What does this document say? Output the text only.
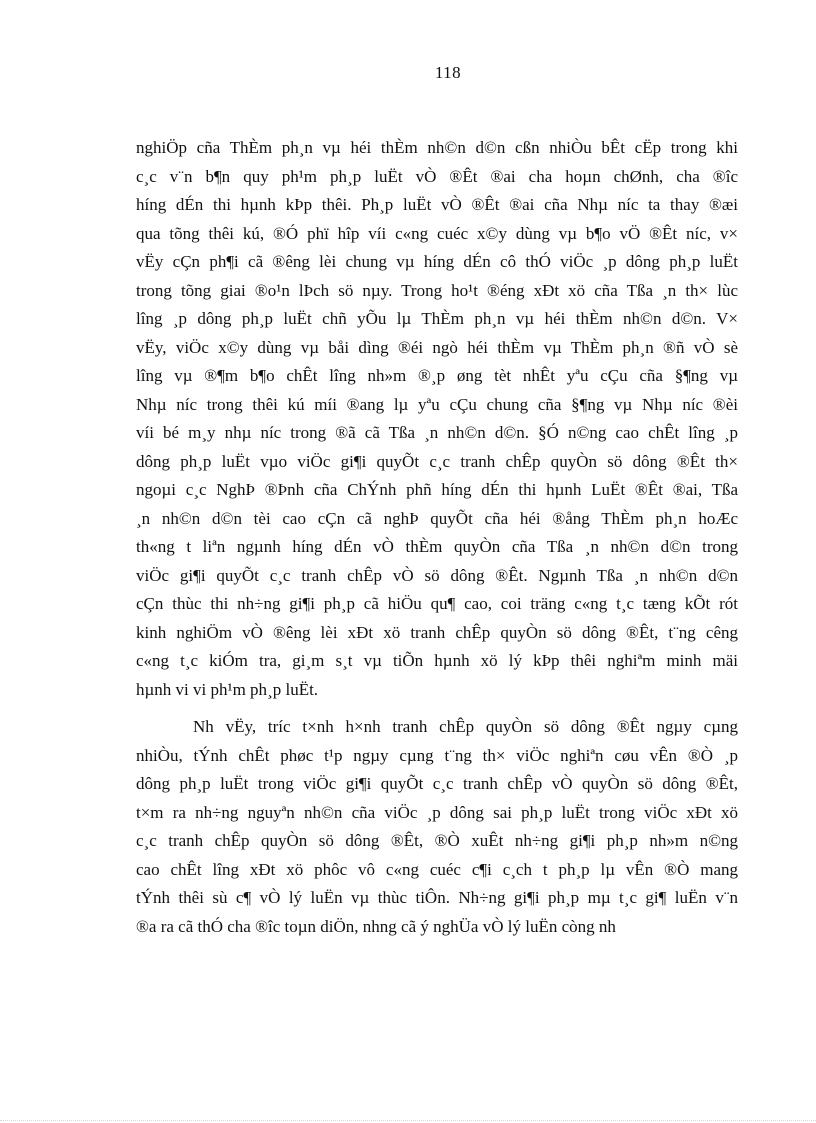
118
nghiÖp cña ThÈm ph¸n vµ héi thÈm nh©n d©n cßn nhiÒu bÊt cËp trong khi
c¸c v¨n b¶n quy ph¹m ph¸p luËt vÒ ®Êt ®ai cha hoµn chØnh, cha ®îc
híng dÉn thi hµnh kÞp thêi. Ph¸p luËt vÒ ®Êt ®ai cña Nhµ níc ta thay ®æi
qua tõng thêi kú, ®Ó phï hîp víi c«ng cuéc x©y dùng vµ b¶o vÖ ®Êt níc, v×
vËy cÇn ph¶i cã ®êng lèi chung vµ híng dÉn cô thÓ viÖc ¸p dông ph¸p luËt
trong tõng giai ®o¹n lÞch sö nµy. Trong ho¹t ®éng xÐt xö cña Tßa ¸n th× lùc
lîng ¸p dông ph¸p luËt chñ yÕu lµ ThÈm ph¸n vµ héi thÈm nh©n d©n. V×
vËy, viÖc x©y dùng vµ båi dìng ®éi ngò héi thÈm vµ ThÈm ph¸n ®ñ vÒ sè
lîng vµ ®¶m b¶o chÊt lîng nh»m ®¸p øng tèt nhÊt yªu cÇu cña §¶ng vµ
Nhµ níc trong thêi kú míi ®ang lµ yªu cÇu chung cña §¶ng vµ Nhµ níc ®èi
víi bé m¸y nhµ níc trong ®ã cã Tßa ¸n nh©n d©n. §Ó n©ng cao chÊt lîng ¸p
dông ph¸p luËt vµo viÖc gi¶i quyÕt c¸c tranh chÊp quyÒn sö dông ®Êt th×
ngoµi c¸c NghÞ ®Þnh cña ChÝnh phñ híng dÉn thi hµnh LuËt ®Êt ®ai, Tßa
¸n nh©n d©n tèi cao cÇn cã nghÞ quyÕt cña héi ®ång ThÈm ph¸n hoÆc
th«ng t liªn ngµnh híng dÉn vÒ thÈm quyÒn cña Tßa ¸n nh©n d©n trong
viÖc gi¶i quyÕt c¸c tranh chÊp vÒ sö dông ®Êt. Ngµnh Tßa ¸n nh©n d©n
cÇn thùc thi nh÷ng gi¶i ph¸p cã hiÖu qu¶ cao, coi träng c«ng t¸c tæng kÕt rót
kinh nghiÖm vÒ ®êng lèi xÐt xö tranh chÊp quyÒn sö dông ®Êt, t¨ng cêng
c«ng t¸c kiÓm tra, gi¸m s¸t vµ tiÕn hµnh xö lý kÞp thêi nghiªm minh mäi
hµnh vi vi ph¹m ph¸p luËt.
Nh vËy, tríc t×nh h×nh tranh chÊp quyÒn sö dông ®Êt ngµy cµng
nhiÒu, tÝnh chÊt phøc t¹p ngµy cµng t¨ng th× viÖc nghiªn cøu vÊn ®Ò ¸p
dông ph¸p luËt trong viÖc gi¶i quyÕt c¸c tranh chÊp vÒ quyÒn sö dông ®Êt,
t×m ra nh÷ng nguyªn nh©n cña viÖc ¸p dông sai ph¸p luËt trong viÖc xÐt xö
c¸c tranh chÊp quyÒn sö dông ®Êt, ®Ò xuÊt nh÷ng gi¶i ph¸p nh»m n©ng
cao chÊt lîng xÐt xö phôc vô c«ng cuéc c¶i c¸ch t ph¸p lµ vÊn ®Ò mang
tÝnh thêi sù c¶ vÒ lý luËn vµ thùc tiÔn. Nh÷ng gi¶i ph¸p mµ t¸c gi¶ luËn v¨n
®a ra cã thÓ cha ®îc toµn diÖn, nhng cã ý nghÜa vÒ lý luËn còng nh
